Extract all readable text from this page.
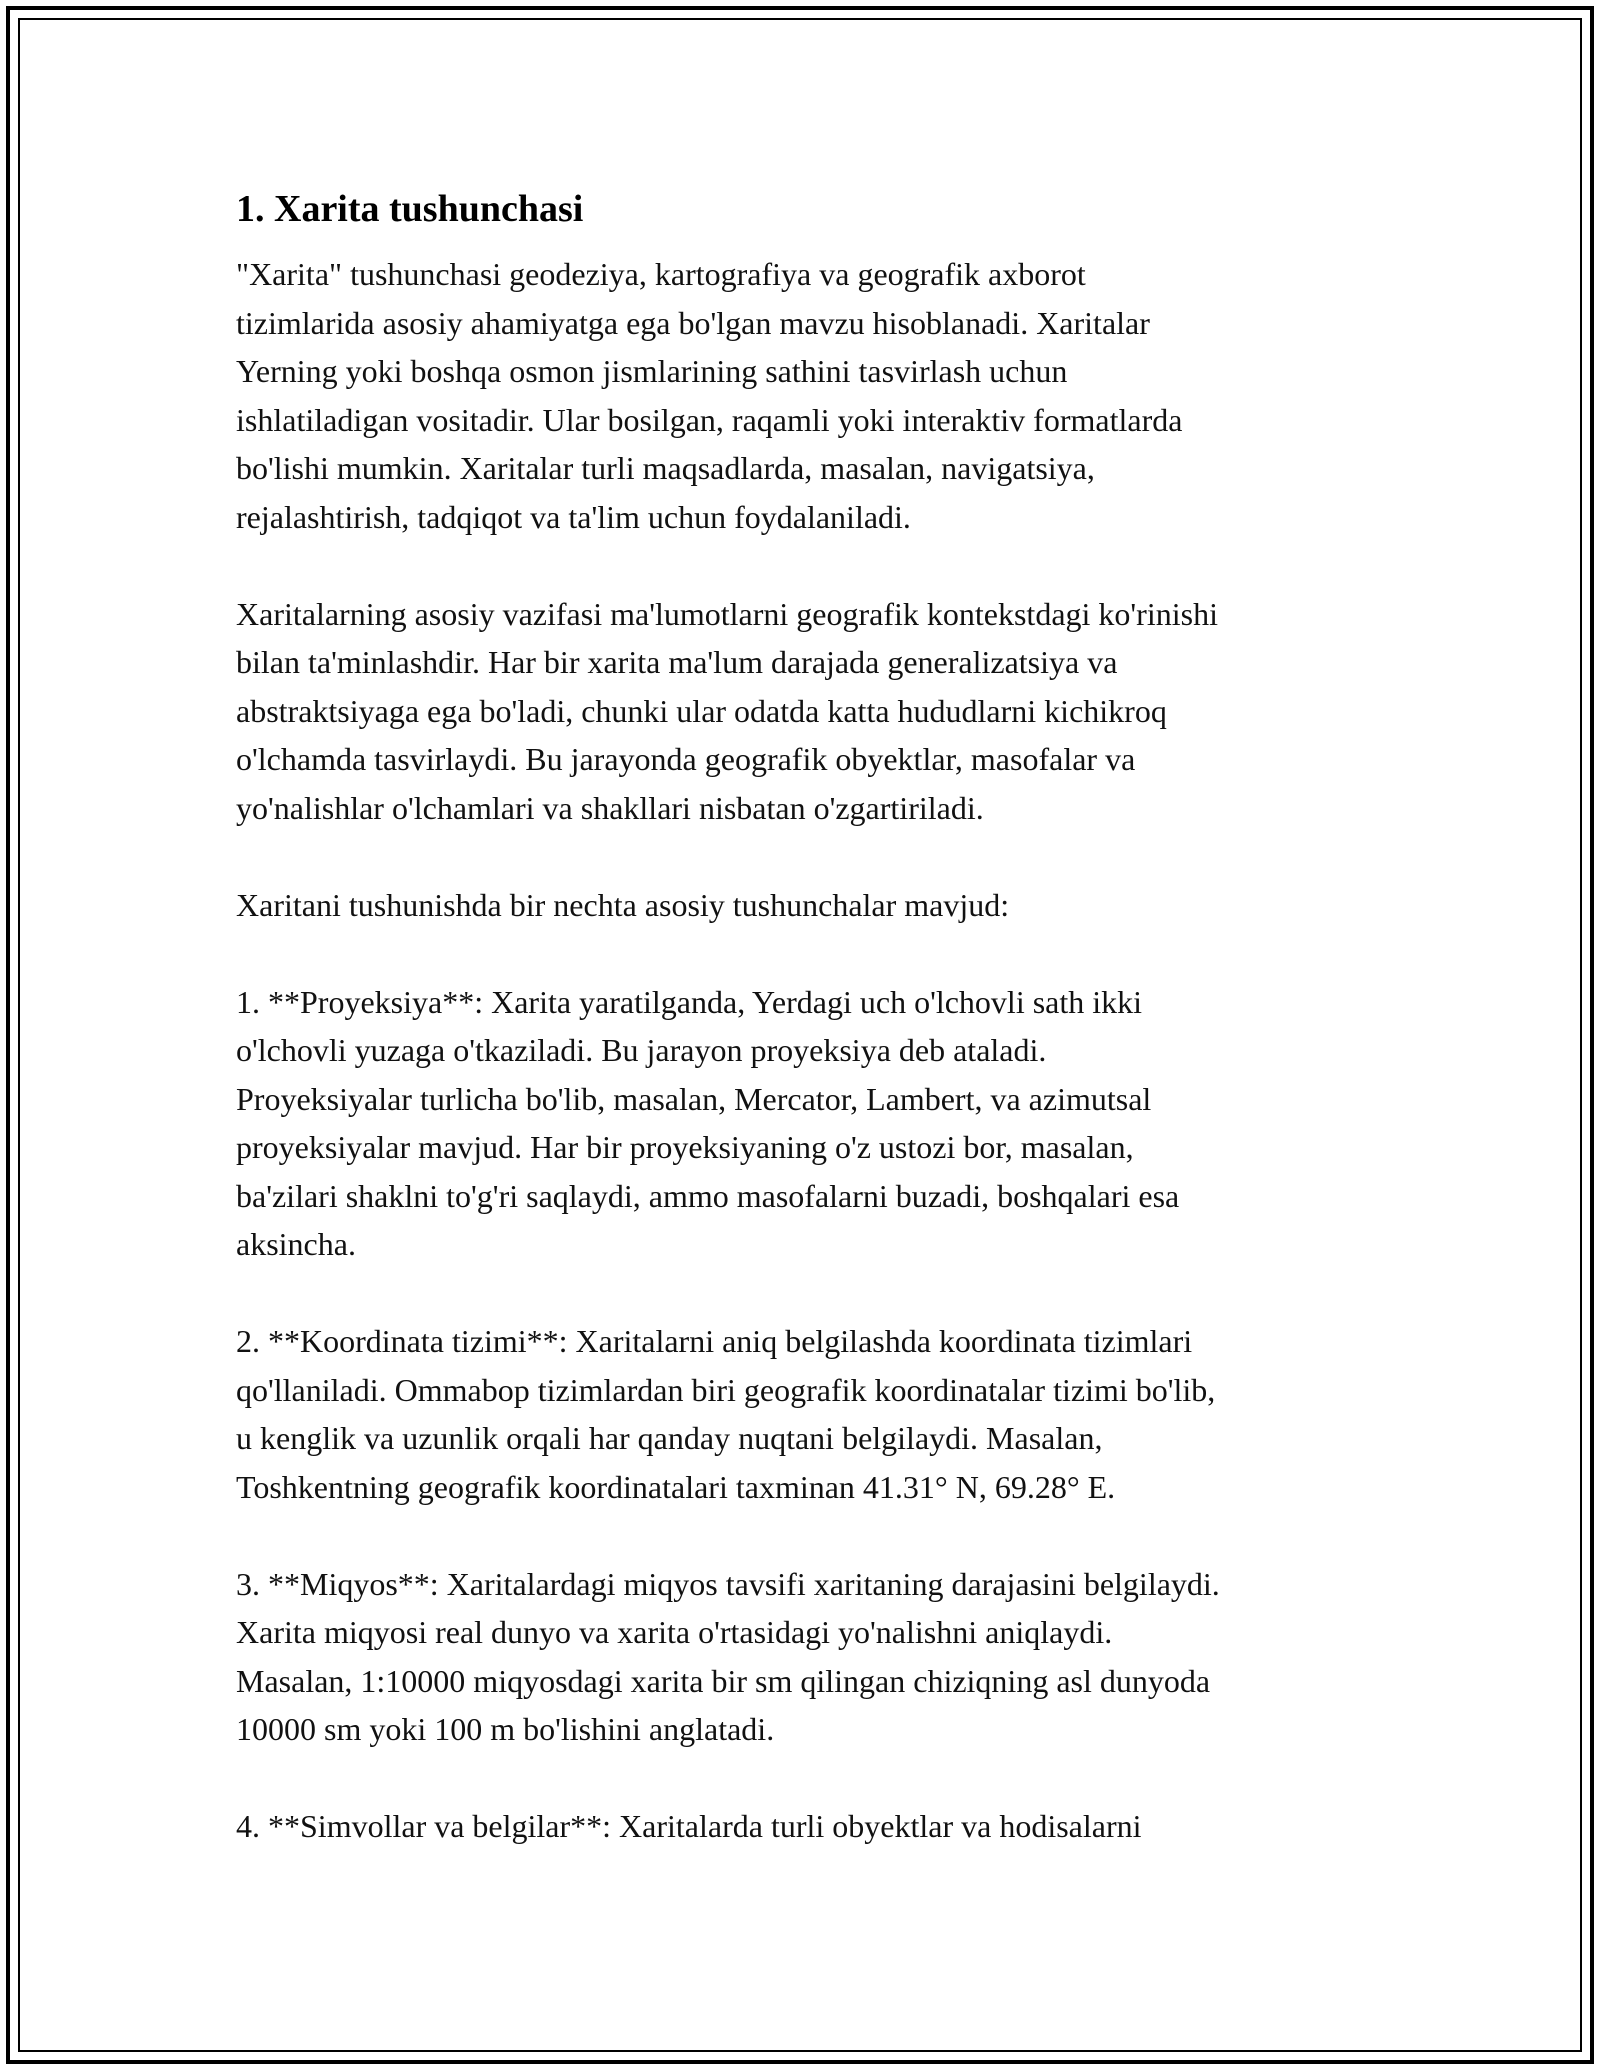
1. Xarita tushunchasi

"Xarita" tushunchasi geodeziya, kartografiya va geografik axborot
tizimlarida asosiy ahamiyatga ega bo'lgan mavzu hisoblanadi. Xaritalar
Yerning yoki boshqa osmon jismlarining sathini tasvirlash uchun
ishlatiladigan vositadir. Ular bosilgan, raqamli yoki interaktiv formatlarda
bo'lishi mumkin. Xaritalar turli maqsadlarda, masalan, navigatsiya,
rejalashtirish, tadqiqot va ta'lim uchun foydalaniladi.

Xaritalarning asosiy vazifasi ma'lumotlarni geografik kontekstdagi ko'rinishi
bilan ta'minlashdir. Har bir xarita ma'lum darajada generalizatsiya va
abstraktsiyaga ega bo'ladi, chunki ular odatda katta hududlarni kichikroq
o'lchamda tasvirlaydi. Bu jarayonda geografik obyektlar, masofalar va
yo'nalishlar o'lchamlari va shakllari nisbatan o'zgartiriladi.

Xaritani tushunishda bir nechta asosiy tushunchalar mavjud:

1. **Proyeksiya**: Xarita yaratilganda, Yerdagi uch o'lchovli sath ikki
o'lchovli yuzaga o'tkaziladi. Bu jarayon proyeksiya deb ataladi.
Proyeksiyalar turlicha bo'lib, masalan, Mercator, Lambert, va azimutsal
proyeksiyalar mavjud. Har bir proyeksiyaning o'z ustozi bor, masalan,
ba'zilari shaklni to'g'ri saqlaydi, ammo masofalarni buzadi, boshqalari esa
aksincha.

2. **Koordinata tizimi**: Xaritalarni aniq belgilashda koordinata tizimlari
qo'llaniladi. Ommabop tizimlardan biri geografik koordinatalar tizimi bo'lib,
u kenglik va uzunlik orqali har qanday nuqtani belgilaydi. Masalan,
Toshkentning geografik koordinatalari taxminan 41.31° N, 69.28° E.

3. **Miqyos**: Xaritalardagi miqyos tavsifi xaritaning darajasini belgilaydi.
Xarita miqyosi real dunyo va xarita o'rtasidagi yo'nalishni aniqlaydi.
Masalan, 1:10000 miqyosdagi xarita bir sm qilingan chiziqning asl dunyoda
10000 sm yoki 100 m bo'lishini anglatadi.

4. **Simvollar va belgilar**: Xaritalarda turli obyektlar va hodisalarni
